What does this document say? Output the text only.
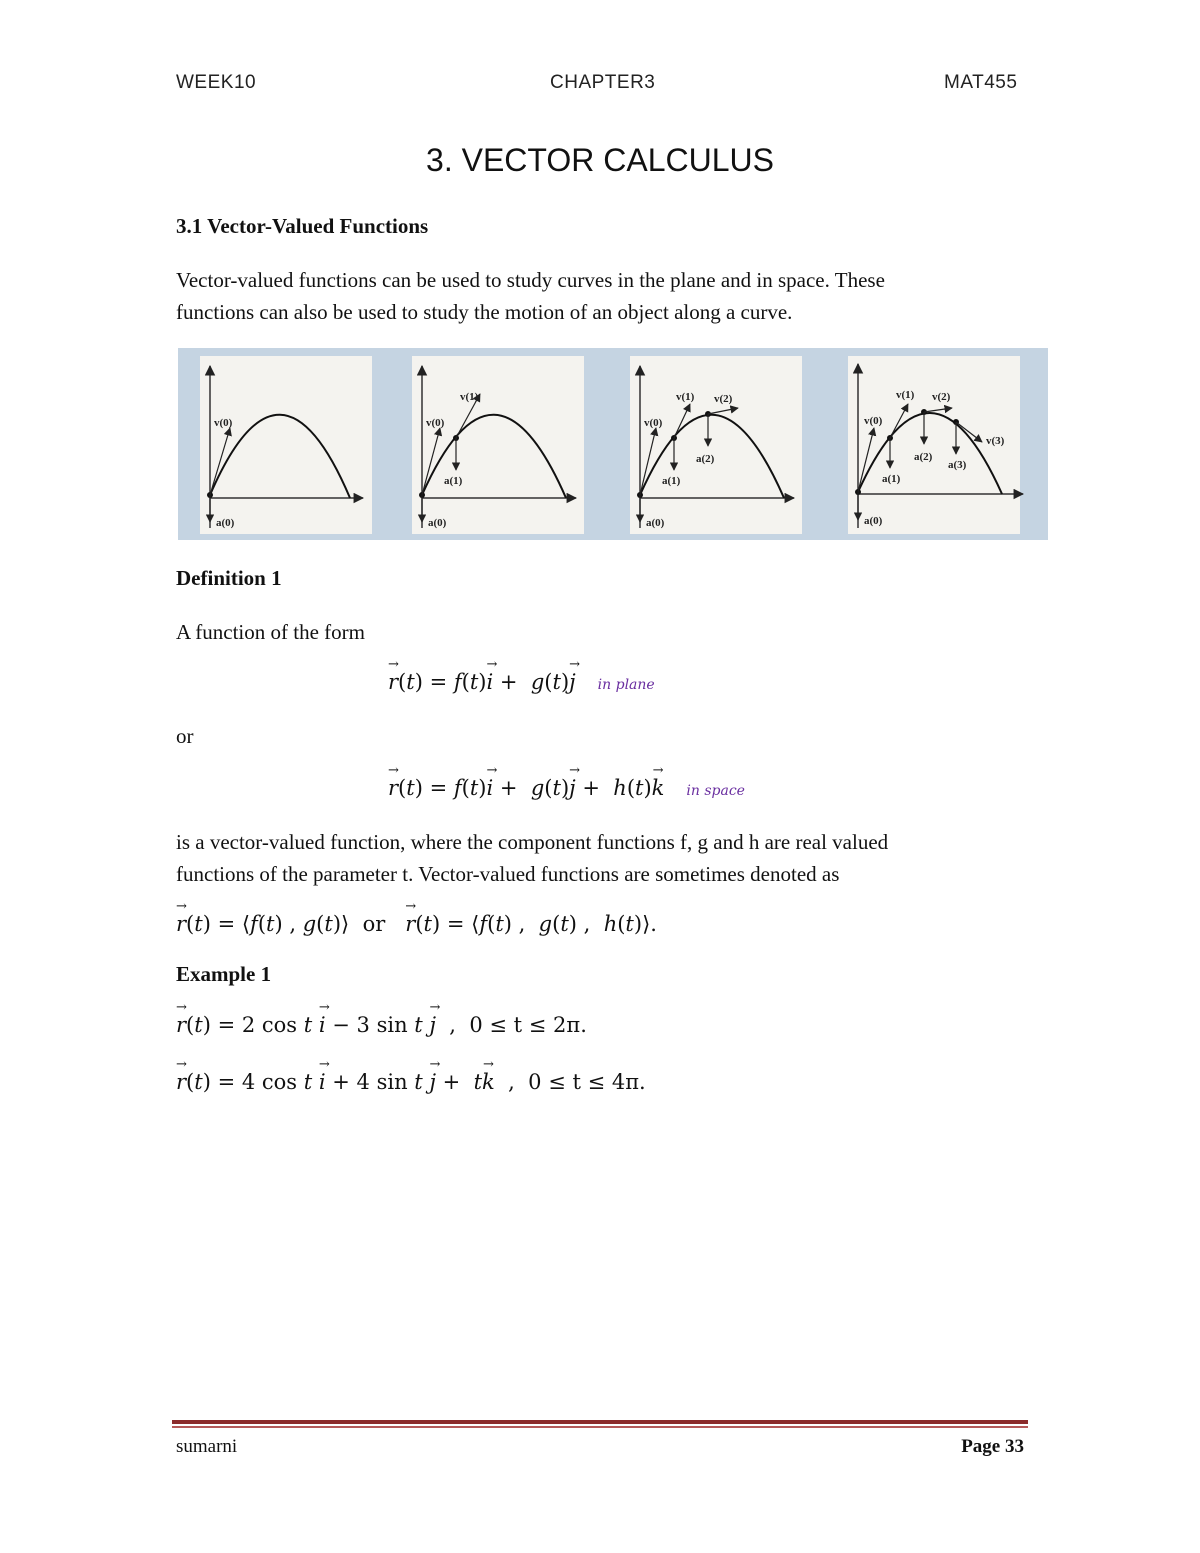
WEEK10	CHAPTER3	MAT455
3. VECTOR CALCULUS
3.1 Vector-Valued Functions
Vector-valued functions can be used to study curves in the plane and in space. These
functions can also be used to study the motion of an object along a curve.
v(0)
a(0)
v(0)
v(1)
a(1)
a(0)
v(0)
v(1) v(2)
a(1)
a(2)
a(0)
v(0)
v(1) v(2)
v(3)
a(1)
a(2)
a(3)
a(0)
Definition 1
A function of the form
→ r(t) = f(t)→ i +  g(t)→ j in plane
or
→ r(t) = f(t)→ i +  g(t)→ j +  h(t)→ k in space
is a vector-valued function, where the component functions f, g and h are real valued
functions of the parameter t. Vector-valued functions are sometimes denoted as
→ r(t) = ⟨f(t) , g(t)⟩  or → r(t) = ⟨f(t) ,  g(t) ,  h(t)⟩.
Example 1
→ r(t) = 2 cos t → i − 3 sin t → j  ,  0 ≤ t ≤ 2π.
→ r(t) = 4 cos t → i + 4 sin t → j +  t→ k  ,  0 ≤ t ≤ 4π.
sumarni	Page 33
